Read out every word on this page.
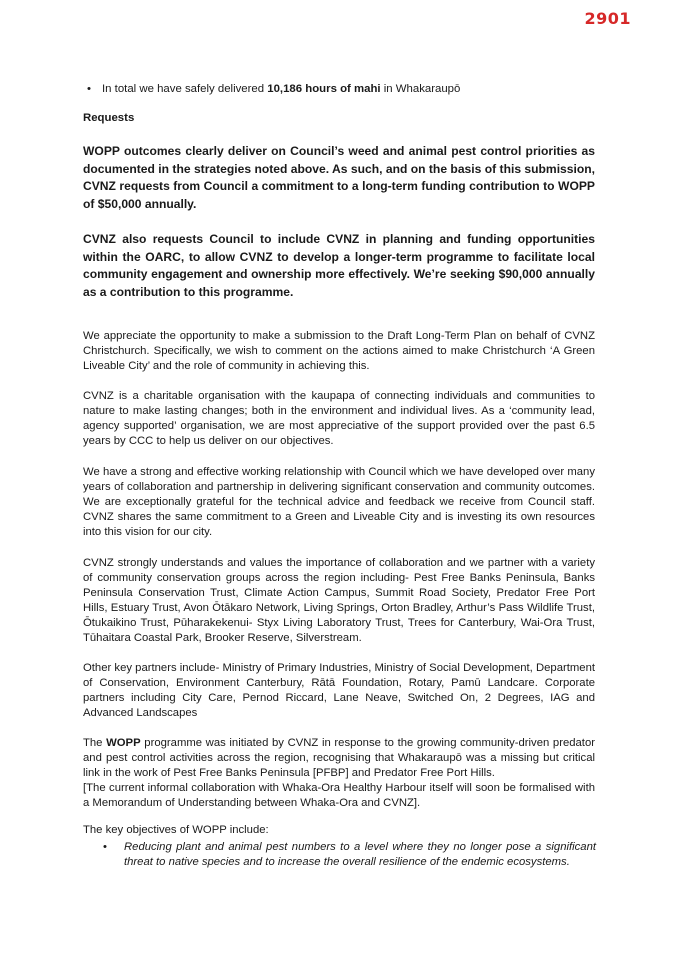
2901
• In total we have safely delivered 10,186 hours of mahi in Whakaraupō
Requests
WOPP outcomes clearly deliver on Council’s weed and animal pest control priorities as documented in the strategies noted above. As such, and on the basis of this submission, CVNZ requests from Council a commitment to a long-term funding contribution to WOPP of $50,000 annually.
CVNZ also requests Council to include CVNZ in planning and funding opportunities within the OARC, to allow CVNZ to develop a longer-term programme to facilitate local community engagement and ownership more effectively. We’re seeking $90,000 annually as a contribution to this programme.
We appreciate the opportunity to make a submission to the Draft Long-Term Plan on behalf of CVNZ Christchurch. Specifically, we wish to comment on the actions aimed to make Christchurch ‘A Green Liveable City’ and the role of community in achieving this.
CVNZ is a charitable organisation with the kaupapa of connecting individuals and communities to nature to make lasting changes; both in the environment and individual lives. As a ‘community lead, agency supported’ organisation, we are most appreciative of the support provided over the past 6.5 years by CCC to help us deliver on our objectives.
We have a strong and effective working relationship with Council which we have developed over many years of collaboration and partnership in delivering significant conservation and community outcomes. We are exceptionally grateful for the technical advice and feedback we receive from Council staff. CVNZ shares the same commitment to a Green and Liveable City and is investing its own resources into this vision for our city.
CVNZ strongly understands and values the importance of collaboration and we partner with a variety of community conservation groups across the region including- Pest Free Banks Peninsula, Banks Peninsula Conservation Trust, Climate Action Campus, Summit Road Society, Predator Free Port Hills, Estuary Trust, Avon Ōtākaro Network, Living Springs, Orton Bradley, Arthur’s Pass Wildlife Trust, Ōtukaikino Trust, Pūharakekenui- Styx Living Laboratory Trust, Trees for Canterbury, Wai-Ora Trust, Tūhaitara Coastal Park, Brooker Reserve, Silverstream.
Other key partners include- Ministry of Primary Industries, Ministry of Social Development, Department of Conservation, Environment Canterbury, Rātā Foundation, Rotary, Pamū Landcare. Corporate partners including City Care, Pernod Riccard, Lane Neave, Switched On, 2 Degrees, IAG and Advanced Landscapes
The WOPP programme was initiated by CVNZ in response to the growing community-driven predator and pest control activities across the region, recognising that Whakaraupō was a missing but critical link in the work of Pest Free Banks Peninsula [PFBP] and Predator Free Port Hills.
[The current informal collaboration with Whaka-Ora Healthy Harbour itself will soon be formalised with a Memorandum of Understanding between Whaka-Ora and CVNZ].
The key objectives of WOPP include:
• Reducing plant and animal pest numbers to a level where they no longer pose a significant threat to native species and to increase the overall resilience of the endemic ecosystems.
